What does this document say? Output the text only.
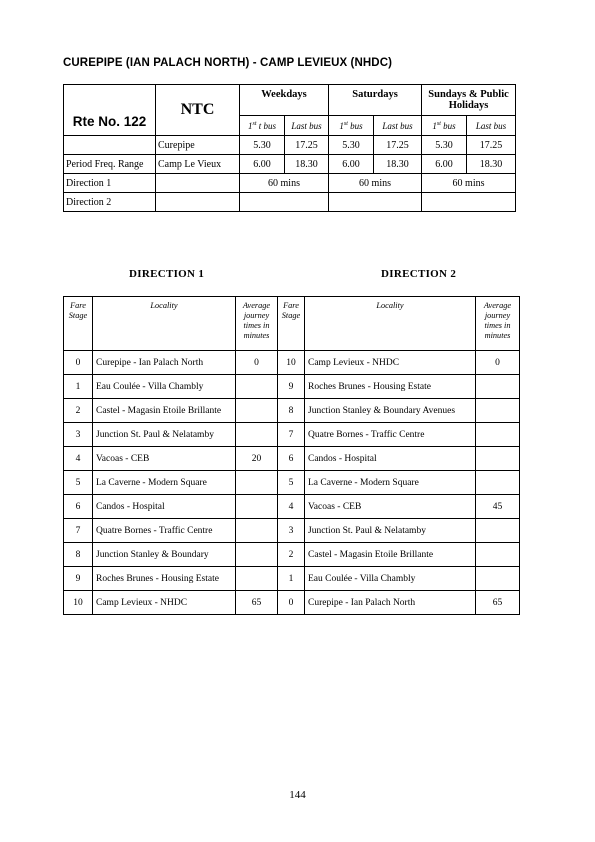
CUREPIPE (IAN PALACH NORTH) - CAMP LEVIEUX (NHDC)
Rte No. 122	NTC	Weekdays		Saturdays		Sundays & Public Holidays	
		1st t bus	Last bus	1st bus	Last bus	1st bus	Last bus
	Curepipe	5.30	17.25	5.30	17.25	5.30	17.25
Period Freq. Range	Camp Le Vieux	6.00	18.30	6.00	18.30	6.00	18.30
Direction 1		60 mins		60 mins		60 mins	
Direction 2							
DIRECTION 1	DIRECTION 2
Fare Stage	Locality	Average journey times in minutes	Fare Stage	Locality	Average journey times in minutes
0	Curepipe - Ian Palach North	0	10	Camp Levieux - NHDC	0
1	Eau Coulée - Villa Chambly		9	Roches Brunes - Housing Estate	
2	Castel - Magasin Etoile Brillante		8	Junction Stanley & Boundary Avenues	
3	Junction St. Paul & Nelatamby		7	Quatre Bornes - Traffic Centre	
4	Vacoas - CEB	20	6	Candos - Hospital	
5	La Caverne - Modern Square		5	La Caverne - Modern Square	
6	Candos - Hospital		4	Vacoas - CEB	45
7	Quatre Bornes - Traffic Centre		3	Junction St. Paul & Nelatamby	
8	Junction Stanley & Boundary		2	Castel - Magasin Etoile Brillante	
9	Roches Brunes - Housing Estate		1	Eau Coulée - Villa Chambly	
10	Camp Levieux - NHDC	65	0	Curepipe - Ian Palach North	65
144
